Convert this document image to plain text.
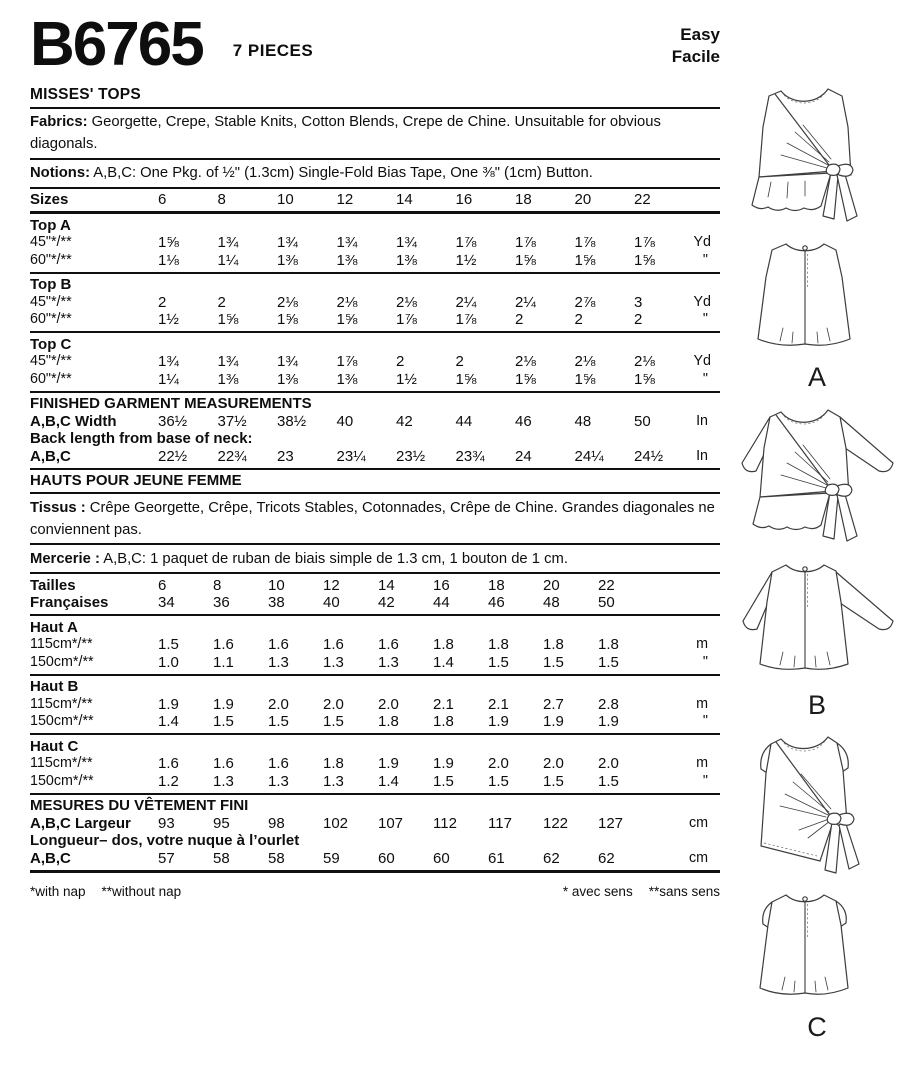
B6765 7 PIECES
Easy
Facile
MISSES' TOPS
Fabrics: Georgette, Crepe, Stable Knits, Cotton Blends, Crepe de Chine. Unsuitable for obvious diagonals.
Notions: A,B,C: One Pkg. of ½" (1.3cm) Single-Fold Bias Tape, One ⅜" (1cm) Button.
Sizes	6	8	10	12	14	16	18	20	22
Top A
45"*/**	1⅝	1¾	1¾	1¾	1¾	1⅞	1⅞	1⅞	1⅞	Yd
60"*/**	1⅛	1¼	1⅜	1⅜	1⅜	1½	1⅝	1⅝	1⅝	"
Top B
45"*/**	2	2	2⅛	2⅛	2⅛	2¼	2¼	2⅞	3	Yd
60"*/**	1½	1⅝	1⅝	1⅝	1⅞	1⅞	2	2	2	"
Top C
45"*/**	1¾	1¾	1¾	1⅞	2	2	2⅛	2⅛	2⅛	Yd
60"*/**	1¼	1⅜	1⅜	1⅜	1½	1⅝	1⅝	1⅝	1⅝	"
FINISHED GARMENT MEASUREMENTS
A,B,C Width	36½	37½	38½	40	42	44	46	48	50	In
Back length from base of neck:
A,B,C	22½	22¾	23	23¼	23½	23¾	24	24¼	24½	In
HAUTS POUR JEUNE FEMME
Tissus : Crêpe Georgette, Crêpe, Tricots Stables, Cotonnades, Crêpe de Chine. Grandes diagonales ne conviennent pas.
Mercerie : A,B,C: 1 paquet de ruban de biais simple de 1.3 cm, 1 bouton de 1 cm.
Tailles	6	8	10	12	14	16	18	20	22
Françaises	34	36	38	40	42	44	46	48	50
Haut A
115cm*/**	1.5	1.6	1.6	1.6	1.6	1.8	1.8	1.8	1.8	m
150cm*/**	1.0	1.1	1.3	1.3	1.3	1.4	1.5	1.5	1.5	"
Haut B
115cm*/**	1.9	1.9	2.0	2.0	2.0	2.1	2.1	2.7	2.8	m
150cm*/**	1.4	1.5	1.5	1.5	1.8	1.8	1.9	1.9	1.9	"
Haut C
115cm*/**	1.6	1.6	1.6	1.8	1.9	1.9	2.0	2.0	2.0	m
150cm*/**	1.2	1.3	1.3	1.3	1.4	1.5	1.5	1.5	1.5	"
MESURES DU VÊTEMENT FINI
A,B,C Largeur	93	95	98	102	107	112	117	122	127	cm
Longueur– dos, votre nuque à l’ourlet
A,B,C	57	58	58	59	60	60	61	62	62	cm
*with nap **without nap	* avec sens **sans sens
A
B
C
